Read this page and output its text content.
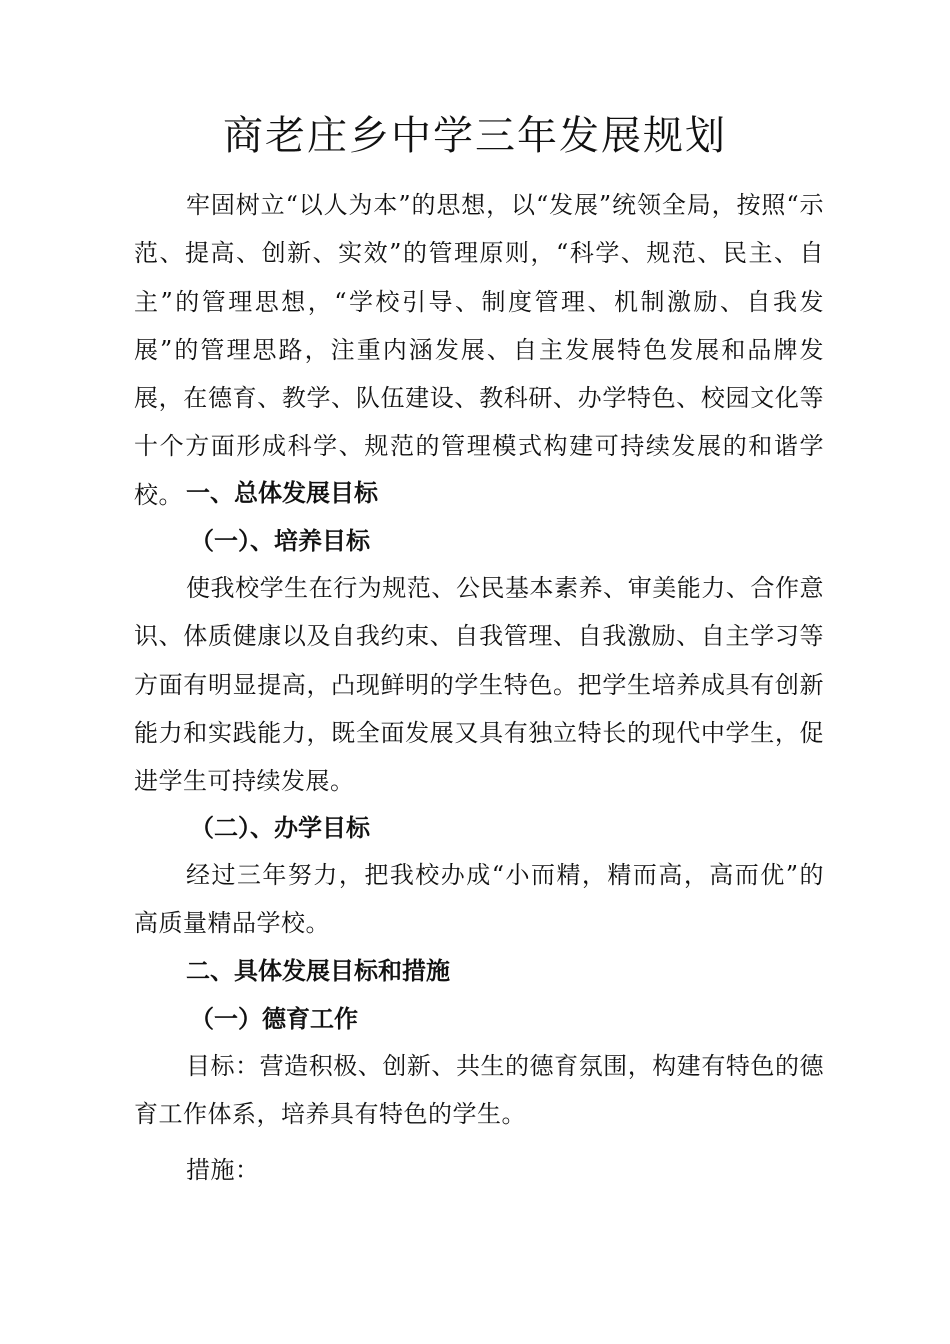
商老庄乡中学三年发展规划

牢固树立“以人为本”的思想，以“发展”统领全局，按照“示范、提高、创新、实效”的管理原则，“科学、规范、民主、自主”的管理思想，“学校引导、制度管理、机制激励、自我发展”的管理思路，注重内涵发展、自主发展特色发展和品牌发展，在德育、教学、队伍建设、教科研、办学特色、校园文化等十个方面形成科学、规范的管理模式构建可持续发展的和谐学校。 一、总体发展目标
（一）、培养目标

使我校学生在行为规范、公民基本素养、审美能力、合作意识、体质健康以及自我约束、自我管理、自我激励、自主学习等方面有明显提高，凸现鲜明的学生特色。把学生培养成具有创新能力和实践能力，既全面发展又具有独立特长的现代中学生，促进学生可持续发展。

（二）、办学目标

经过三年努力，把我校办成“小而精，精而高，高而优”的高质量精品学校。

二、具体发展目标和措施
（一）德育工作

目标：营造积极、创新、共生的德育氛围，构建有特色的德育工作体系，培养具有特色的学生。

措施：
